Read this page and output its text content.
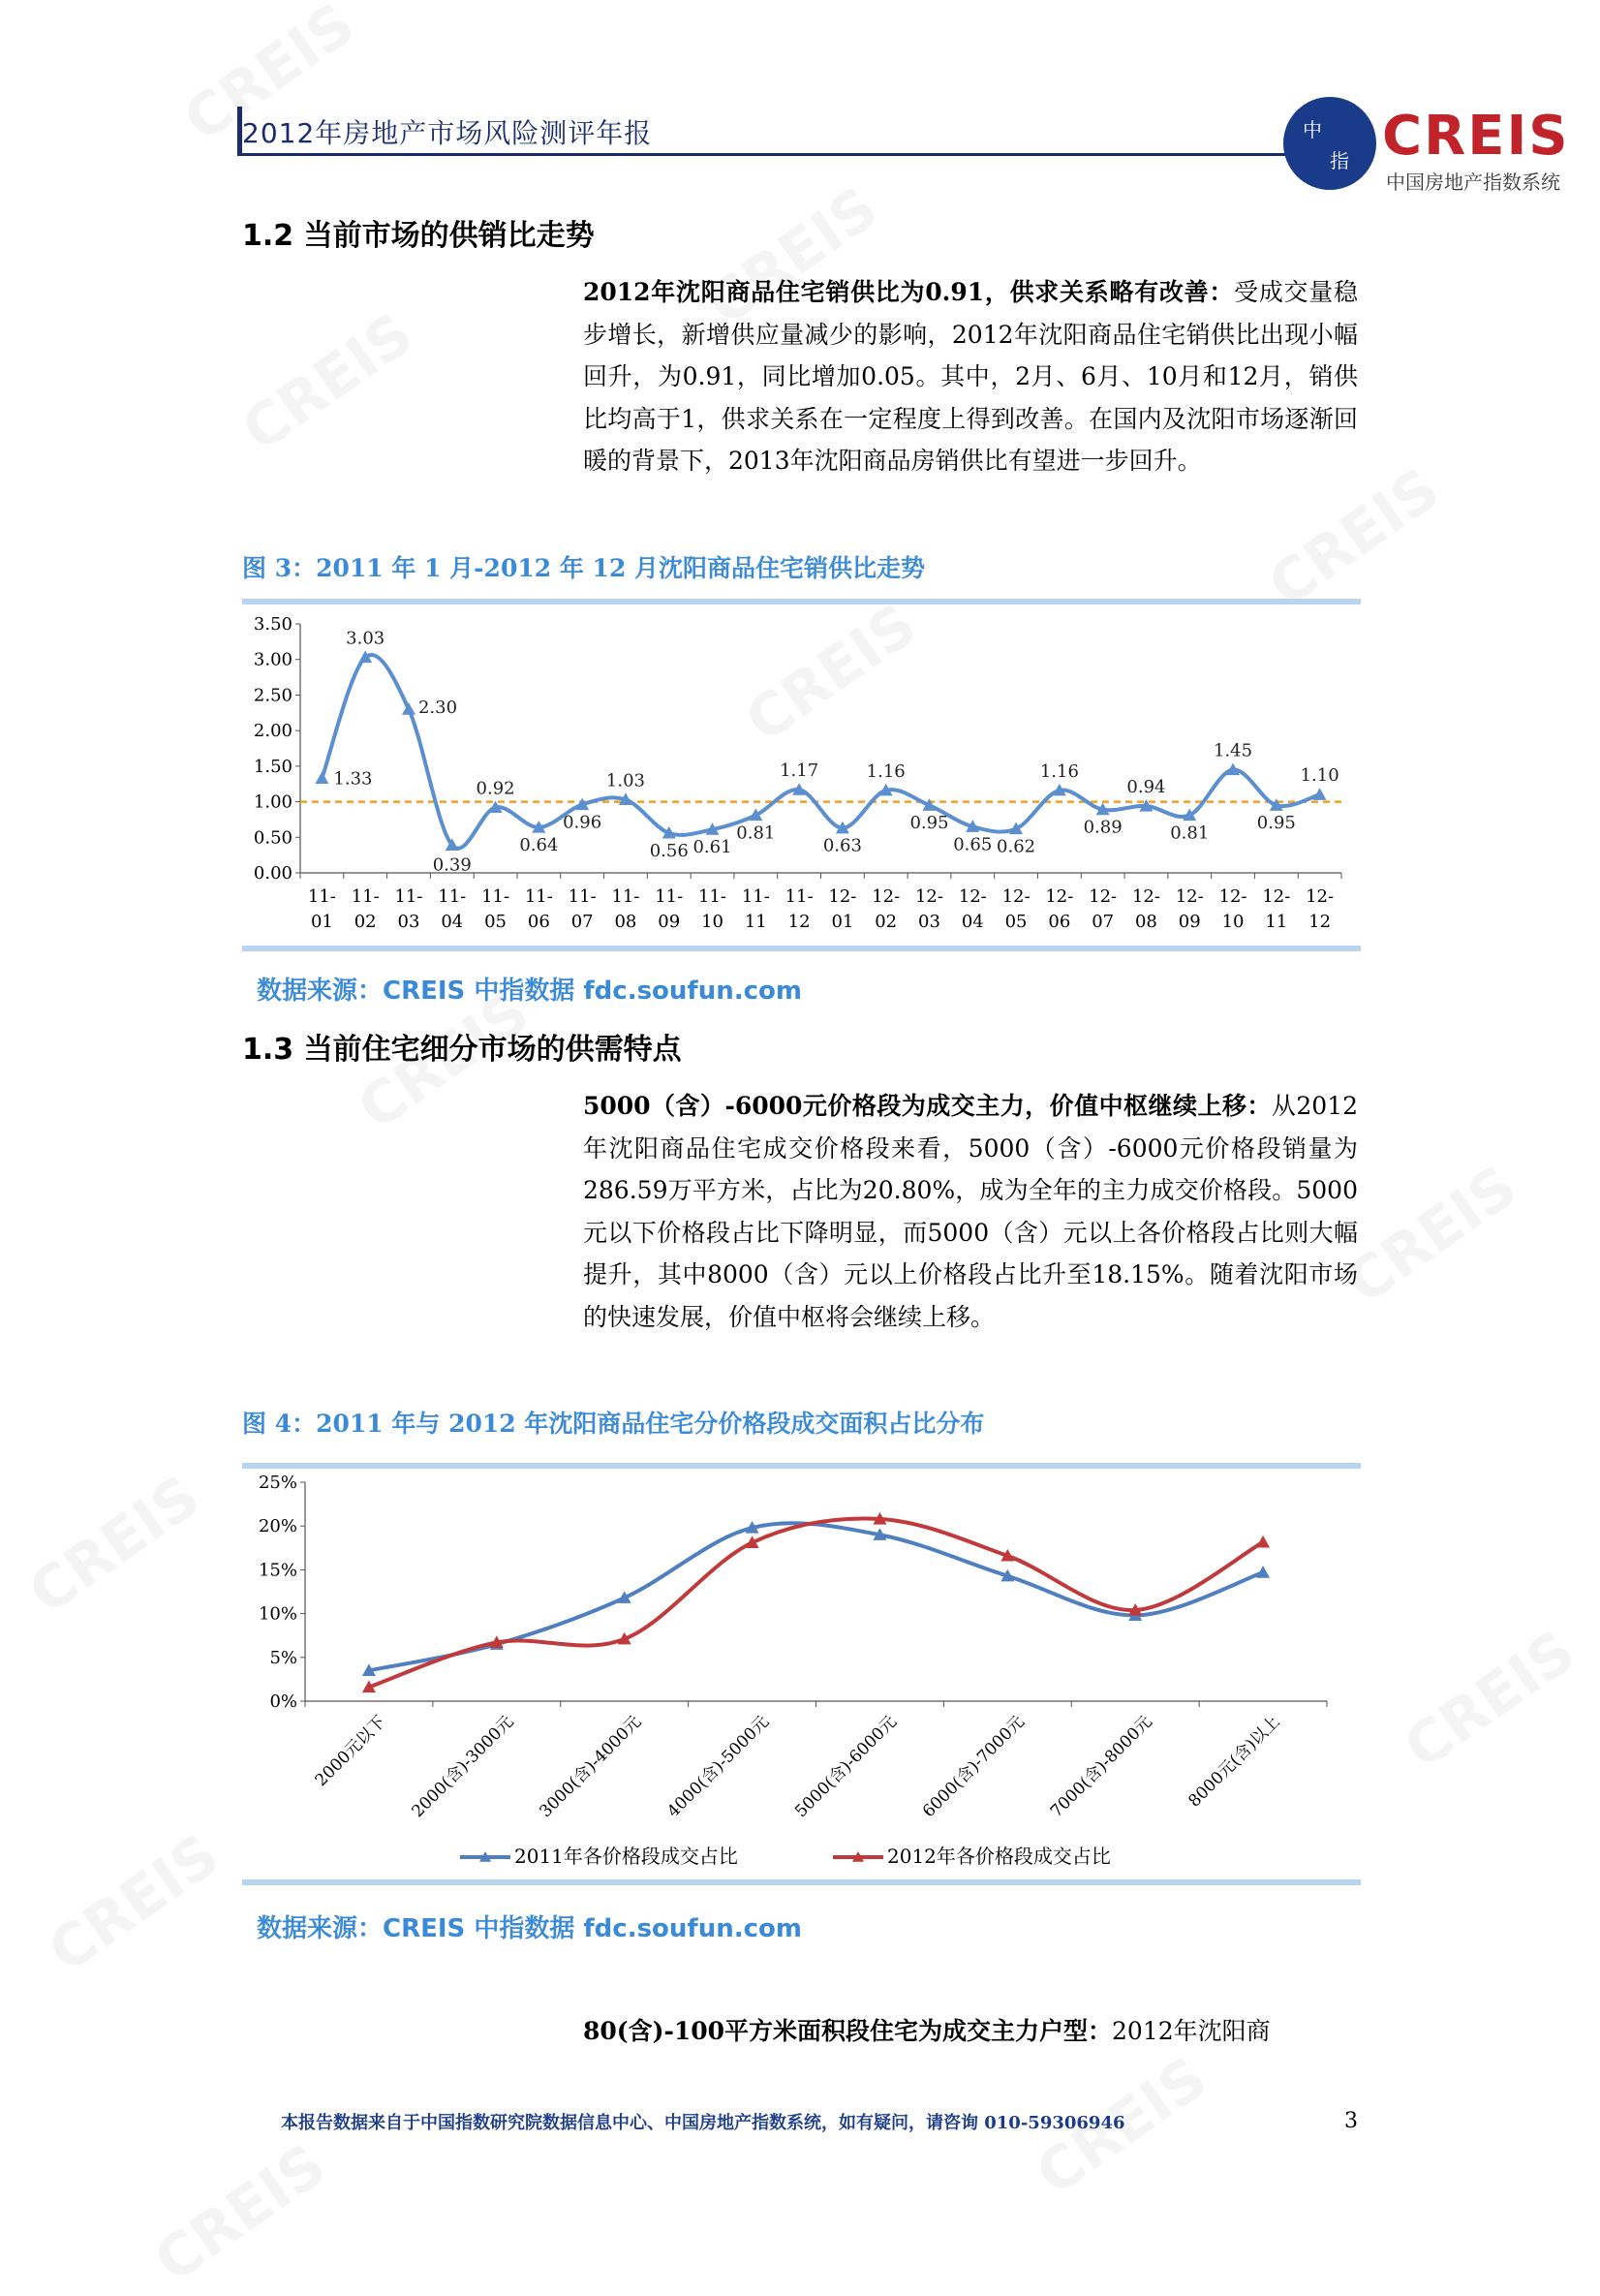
2012年房地产市场风险测评年报	中
指 CREIS
中国房地产指数系统
1.2 当前市场的供销比走势
2012年沈阳商品住宅销供比为0.91，供求关系略有改善：受成交量稳步增长，新增供应量减少的影响，2012年沈阳商品住宅销供比出现小幅回升，为0.91，同比增加0.05。其中，2月、6月、10月和12月，销供比均高于1，供求关系在一定程度上得到改善。在国内及沈阳市场逐渐回暖的背景下，2013年沈阳商品房销供比有望进一步回升。
图 3：2011 年 1 月-2012 年 12 月沈阳商品住宅销供比走势
0.00
0.50
1.00
1.50
2.00
2.50
3.00
3.50
11-
01
11-
02
11-
03
11-
04
11-
05
11-
06
11-
07
11-
08
11-
09
11-
10
11-
11
11-
12
12-
01
12-
02
12-
03
12-
04
12-
05
12-
06
12-
07
12-
08
12-
09
12-
10
12-
11
12-
12
1.33
3.03
2.30
0.39
0.92
0.64
0.96
1.03
0.56 0.61
0.81
1.17
0.63
1.16
0.95
0.65 0.62
1.16
0.89
0.94
0.81
1.45
0.95
1.10
数据来源：CREIS 中指数据 fdc.soufun.com
1.3 当前住宅细分市场的供需特点
5000（含）-6000元价格段为成交主力，价值中枢继续上移：从2012年沈阳商品住宅成交价格段来看，5000（含）-6000元价格段销量为286.59万平方米，占比为20.80%，成为全年的主力成交价格段。5000元以下价格段占比下降明显，而5000（含）元以上各价格段占比则大幅提升，其中8000（含）元以上价格段占比升至18.15%。随着沈阳市场的快速发展，价值中枢将会继续上移。
图 4：2011 年与 2012 年沈阳商品住宅分价格段成交面积占比分布
0%
5%
10%
15%
20%
25%
2000元以下 2000(含)-3000元 3000(含)-4000元 4000(含)-5000元 5000(含)-6000元 6000(含)-7000元 7000(含)-8000元 8000元(含)以上
2011年各价格段成交占比	2012年各价格段成交占比
数据来源：CREIS 中指数据 fdc.soufun.com
80(含)-100平方米面积段住宅为成交主力户型：2012年沈阳商
本报告数据来自于中国指数研究院数据信息中心、中国房地产指数系统，如有疑问，请咨询 010-59306946	3
